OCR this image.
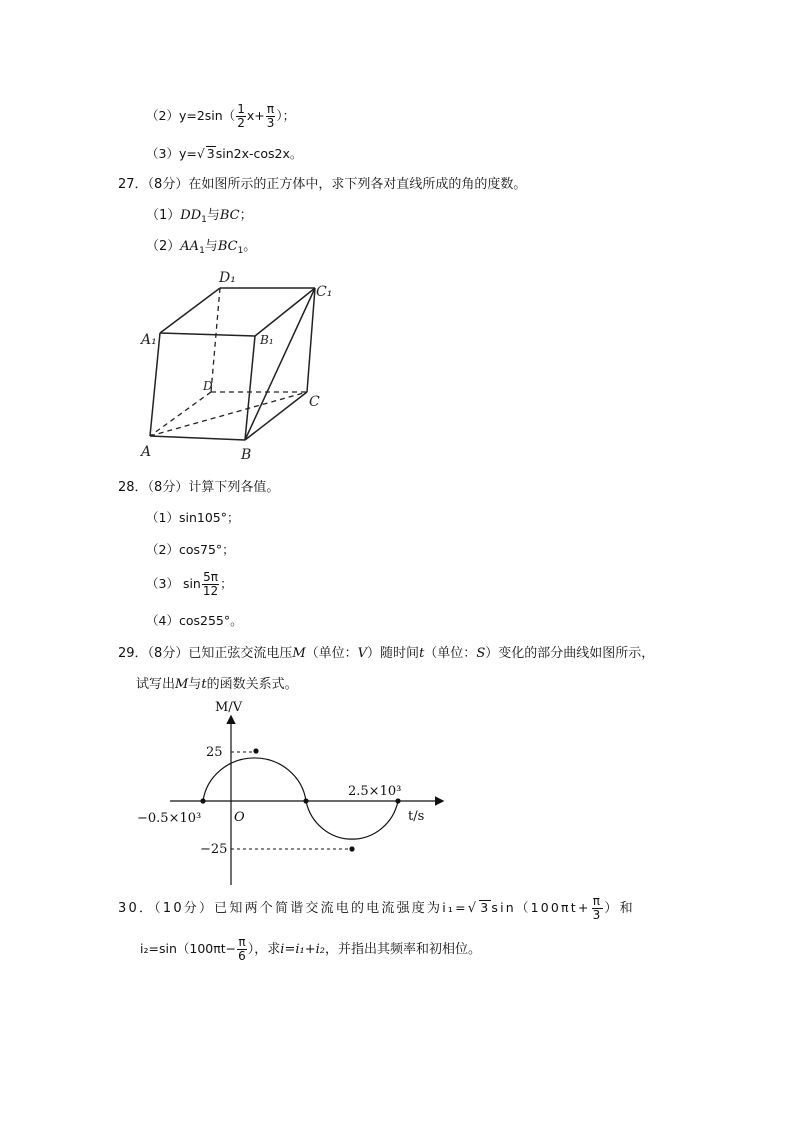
$(2)y=2\sin( \frac{1}{2} x+ \frac{\pi}{3}$ ）；
（3）y=√ 3sin2x-cos2x。
27．（8分）在如图所示的正方体中，求下列各对直线所成的角的度数。
$(1)DD_1$与BC；
$(2)AA_1$与$BC_1$。
D₁
C₁
A₁	B₁
D
C
A	B
28．（8分）计算下列各值。
（1）sin105°；
（2）cos75°；
（3） $\sin \frac{5\pi}{12}$ ；
（4）cos255°。
29．（8分）已知正弦交流电压M（单位：V）随时间t（单位：S）变化的部分曲线如图所示，
试写出M与t的函数关系式。
M/V
t/s
25
−25
O
−0.5×10³
2.5×10³
30．（10分）已知两个简谐交流电的电流强度为i₁=√ $3\sin(100\pi t+ \frac{\pi}{3}$ ）和
$i_2=\sin(100\pi t- \frac{\pi}{6}$ ），求i=i₁+i₂，并指出其频率和初相位。
